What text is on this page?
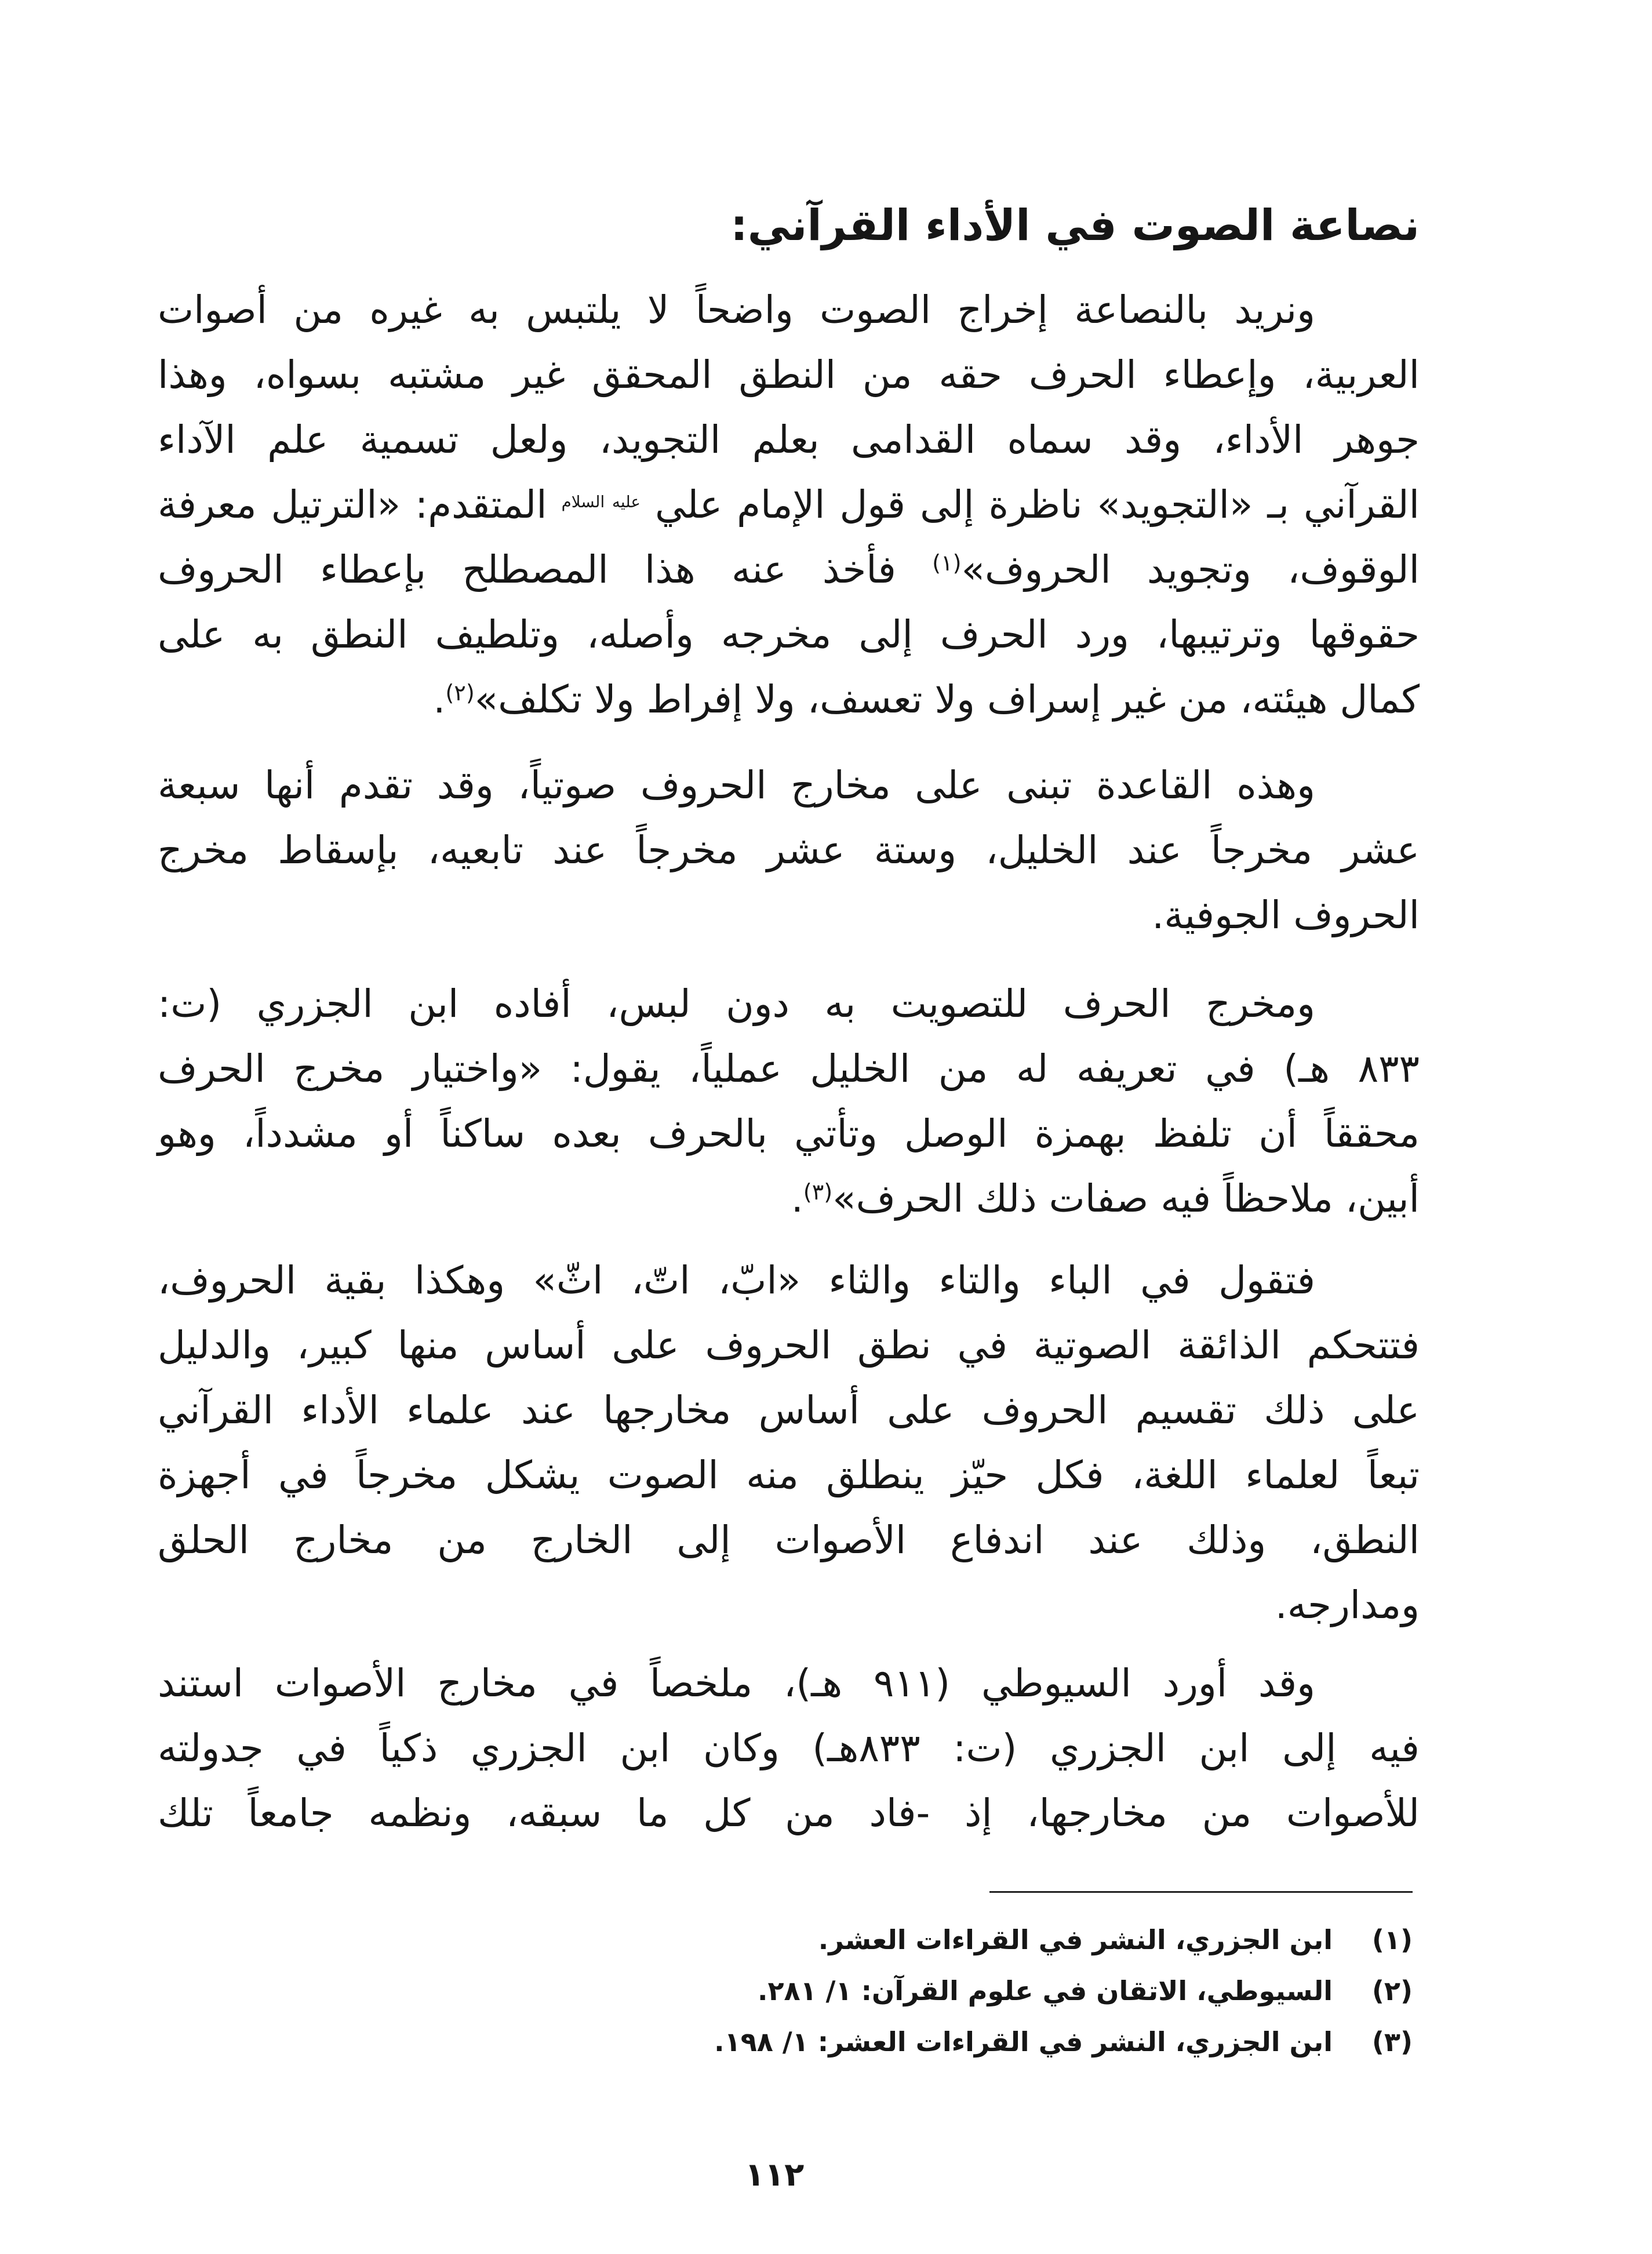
نصاعة الصوت في الأداء القرآني:
ونريد بالنصاعة إخراج الصوت واضحاً لا يلتبس به غيره من أصوات
العربية، وإعطاء الحرف حقه من النطق المحقق غير مشتبه بسواه، وهذا
جوهر الأداء، وقد سماه القدامى بعلم التجويد، ولعل تسمية علم الآداء
القرآني بـ «التجويد» ناظرة إلى قول الإمام علي $^{عليه السلام}$ المتقدم: «الترتيل معرفة
الوقوف، وتجويد الحروف»$^{(١)}$ فأخذ عنه هذا المصطلح بإعطاء الحروف
حقوقها وترتيبها، ورد الحرف إلى مخرجه وأصله، وتلطيف النطق به على
كمال هيئته، من غير إسراف ولا تعسف، ولا إفراط ولا تكلف»$^{(٢)}$.
وهذه القاعدة تبنى على مخارج الحروف صوتياً، وقد تقدم أنها سبعة
عشر مخرجاً عند الخليل، وستة عشر مخرجاً عند تابعيه، بإسقاط مخرج
الحروف الجوفية.
ومخرج الحرف للتصويت به دون لبس، أفاده ابن الجزري (ت:
٨٣٣ هـ) في تعريفه له من الخليل عملياً، يقول: «واختيار مخرج الحرف
محققاً أن تلفظ بهمزة الوصل وتأتي بالحرف بعده ساكناً أو مشدداً، وهو
أبين، ملاحظاً فيه صفات ذلك الحرف»$^{(٣)}$.
فتقول في الباء والتاء والثاء «ابّ، اتّ، اثّ» وهكذا بقية الحروف،
فتتحكم الذائقة الصوتية في نطق الحروف على أساس منها كبير، والدليل
على ذلك تقسيم الحروف على أساس مخارجها عند علماء الأداء القرآني
تبعاً لعلماء اللغة، فكل حيّز ينطلق منه الصوت يشكل مخرجاً في أجهزة
النطق، وذلك عند اندفاع الأصوات إلى الخارج من مخارج الحلق
ومدارجه.
وقد أورد السيوطي (٩١١ هـ)، ملخصاً في مخارج الأصوات استند
فيه إلى ابن الجزري (ت: ٨٣٣هـ) وكان ابن الجزري ذكياً في جدولته
للأصوات من مخارجها، إذ -فاد من كل ما سبقه، ونظمه جامعاً تلك
(١)ابن الجزري، النشر في القراءات العشر.
(٢)السيوطي، الاتقان في علوم القرآن: ١/ ٢٨١.
(٣)ابن الجزري، النشر في القراءات العشر: ١/ ١٩٨.
١١٢
